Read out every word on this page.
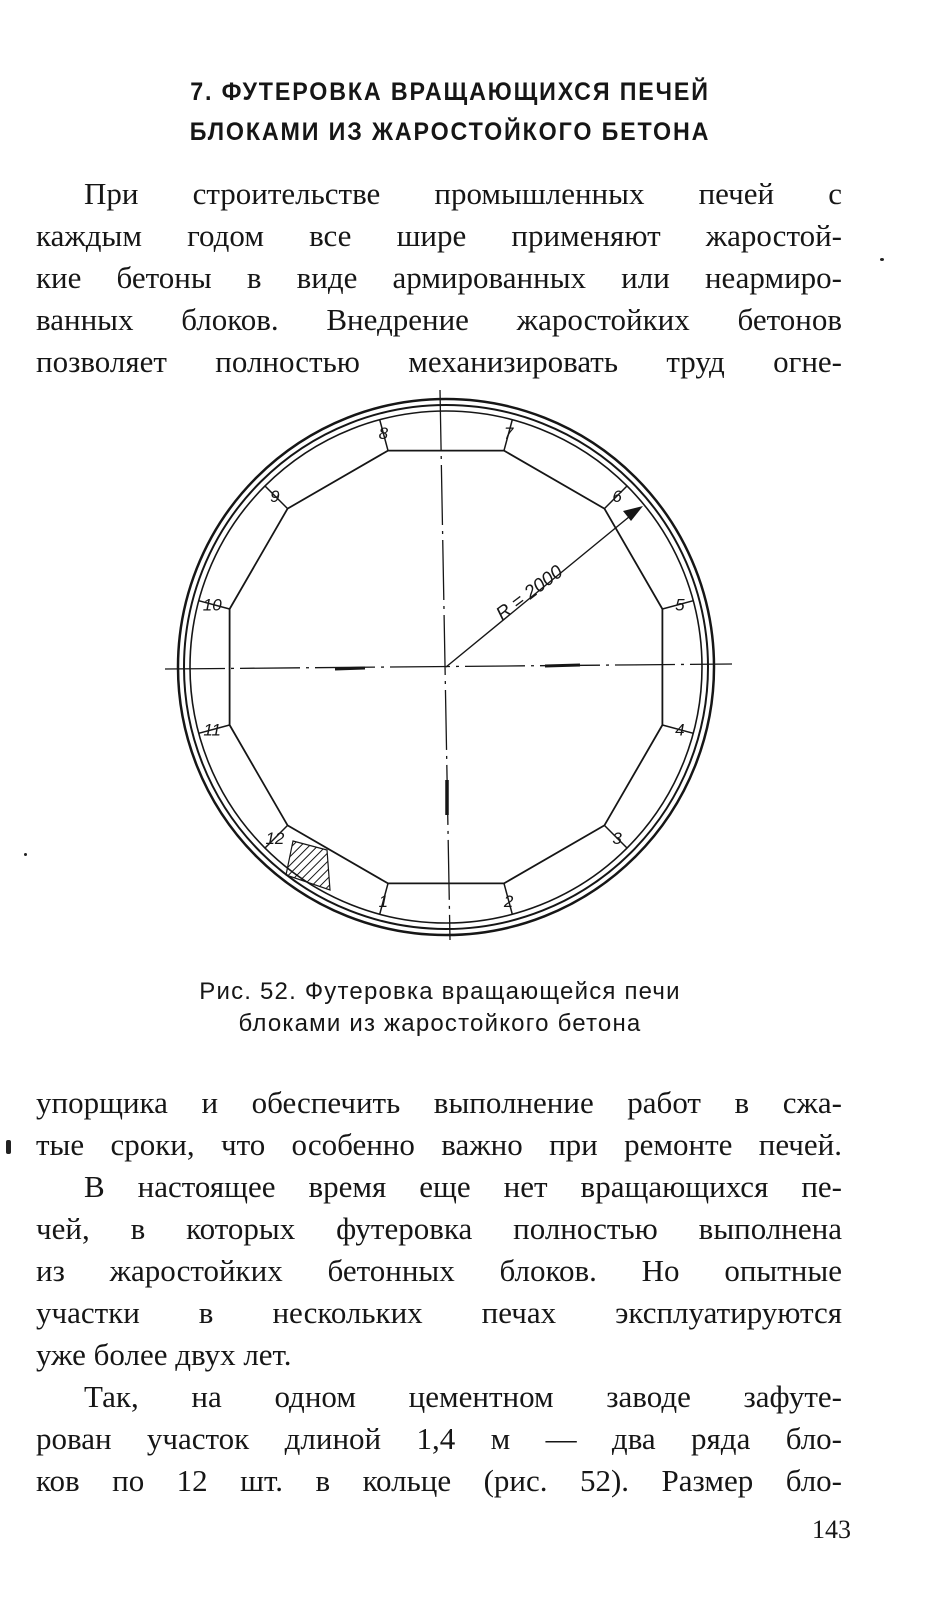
7. ФУТЕРОВКА ВРАЩАЮЩИХСЯ ПЕЧЕЙ
БЛОКАМИ ИЗ ЖАРОСТОЙКОГО БЕТОНА
При строительстве промышленных печей с
каждым годом все шире применяют жаростой-
кие бетоны в виде армированных или неармиро-
ванных блоков. Внедрение жаростойких бетонов
позволяет полностью механизировать труд огне-
1	2
3
4
5
6
7
8
9
10
11
12
R = 2000
Рис. 52. Футеровка вращающейся печи
блоками из жаростойкого бетона
упорщика и обеспечить выполнение работ в сжа-
тые сроки, что особенно важно при ремонте печей.
В настоящее время еще нет вращающихся пе-
чей, в которых футеровка полностью выполнена
из жаростойких бетонных блоков. Но опытные
участки в нескольких печах эксплуатируются
уже более двух лет.
Так, на одном цементном заводе зафуте-
рован участок длиной 1,4 м — два ряда бло-
ков по 12 шт. в кольце (рис. 52). Размер бло-
143
